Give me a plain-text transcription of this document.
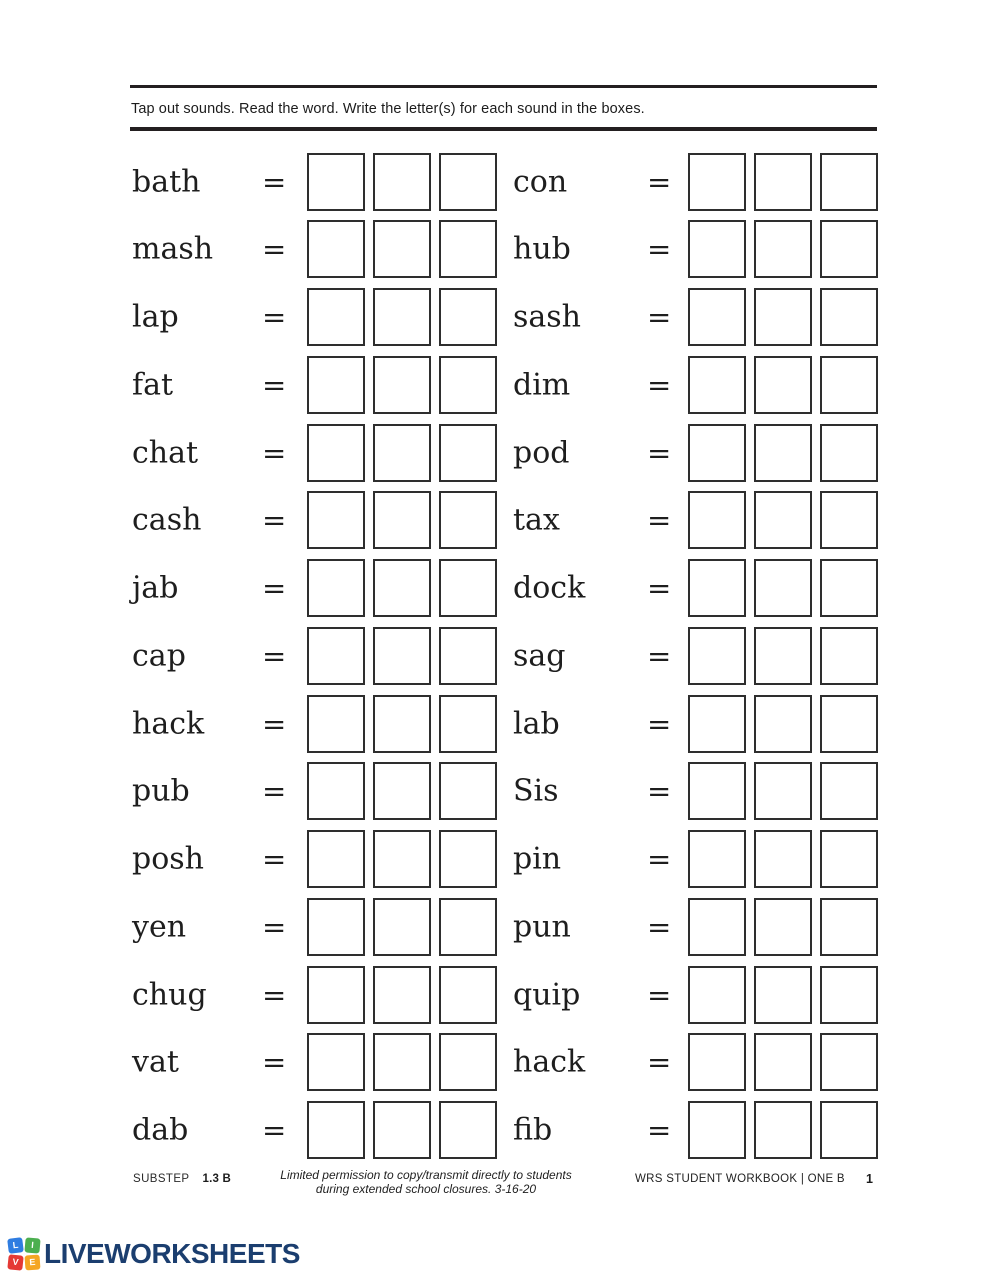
Tap out sounds. Read the word. Write the letter(s) for each sound in the boxes.
bath =	con	=
mash =	hub	=
lap	=	sash =
fat	=	dim	=
chat =	pod	=
cash =	tax	=
jab	=	dock =
cap	=	sag	=
hack =	lab	=
pub =	Sis	=
posh =	pin	=
yen	=	pun	=
chug =	quip =
vat	=	hack =
dab	=	fib	=
SUBSTEP 1.3 B	Limited permission to copy/transmit directly to students
during extended school closures. 3-16-20
WRS STUDENT WORKBOOK | ONE B 1
L	I
V	E LIVEWORKSHEETS
